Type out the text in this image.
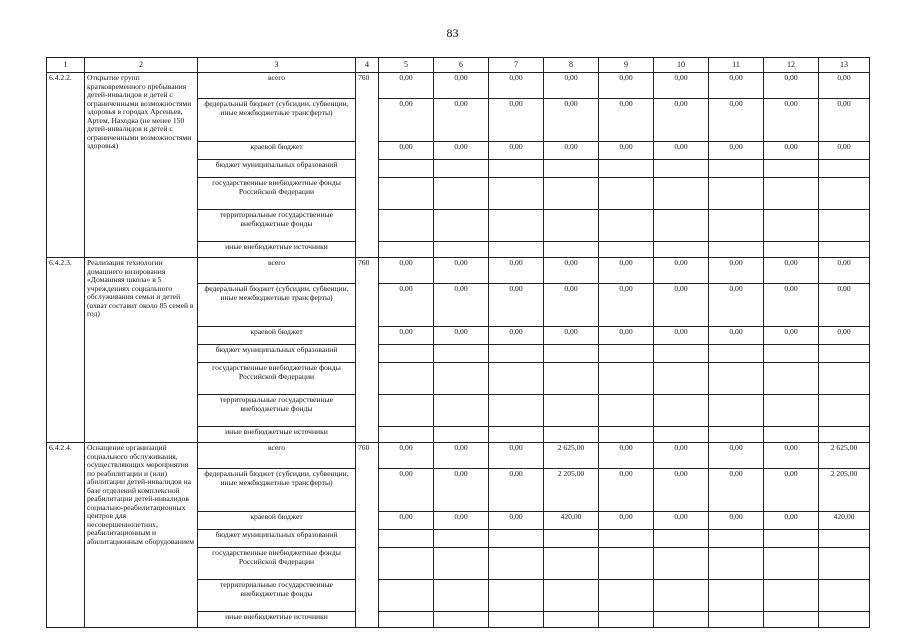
83
1	2	3	4	5	6	7	8	9	10	11	12	13
6.4.2.2.	Открытие групп кратковременного пребывания детей-инвалидов и детей с ограниченными возможностями здоровья в городах Арсеньев, Артем, Находка (не менее 150 детей-инвалидов и детей с ограниченными возможностями здоровья)	всего	760	0,00	0,00	0,00	0,00	0,00	0,00	0,00	0,00	0,00
		федеральный бюджет (субсидии, субвенции, иные межбюджетные трансферты)		0,00	0,00	0,00	0,00	0,00	0,00	0,00	0,00	0,00
		краевой бюджет		0,00	0,00	0,00	0,00	0,00	0,00	0,00	0,00	0,00
		бюджет муниципальных образований										
		государственные внебюджетные фонды Российской Федерации										
		территориальные государственные внебюджетные фонды										
		иные внебюджетные источники										
6.4.2.3.	Реализация технологии домашнего визирования «Домашняя школа» в 5 учреждениях социального обслуживания семьи и детей (охват составит около 85 семей в год)	всего	760	0,00	0,00	0,00	0,00	0,00	0,00	0,00	0,00	0,00
		федеральный бюджет (субсидии, субвенции, иные межбюджетные трансферты)		0,00	0,00	0,00	0,00	0,00	0,00	0,00	0,00	0,00
		краевой бюджет		0,00	0,00	0,00	0,00	0,00	0,00	0,00	0,00	0,00
		бюджет муниципальных образований										
		государственные внебюджетные фонды Российской Федерации										
		территориальные государственные внебюджетные фонды										
		иные внебюджетные источники										
6.4.2.4.	Оснащение организаций социального обслуживания, осуществляющих мероприятия по реабилитации и (или) абилитации детей-инвалидов на базе отделений комплексной реабилитации детей-инвалидов социально-реабилитационных центров для несовершеннолетних, реабилитационным и абилитационным оборудованием	всего	760	0,00	0,00	0,00	2 625,00	0,00	0,00	0,00	0,00	2 625,00
		федеральный бюджет (субсидии, субвенции, иные межбюджетные трансферты)		0,00	0,00	0,00	2 205,00	0,00	0,00	0,00	0,00	2 205,00
		краевой бюджет		0,00	0,00	0,00	420,00	0,00	0,00	0,00	0,00	420,00
		бюджет муниципальных образований										
		государственные внебюджетные фонды Российской Федерации										
		территориальные государственные внебюджетные фонды										
		иные внебюджетные источники										
